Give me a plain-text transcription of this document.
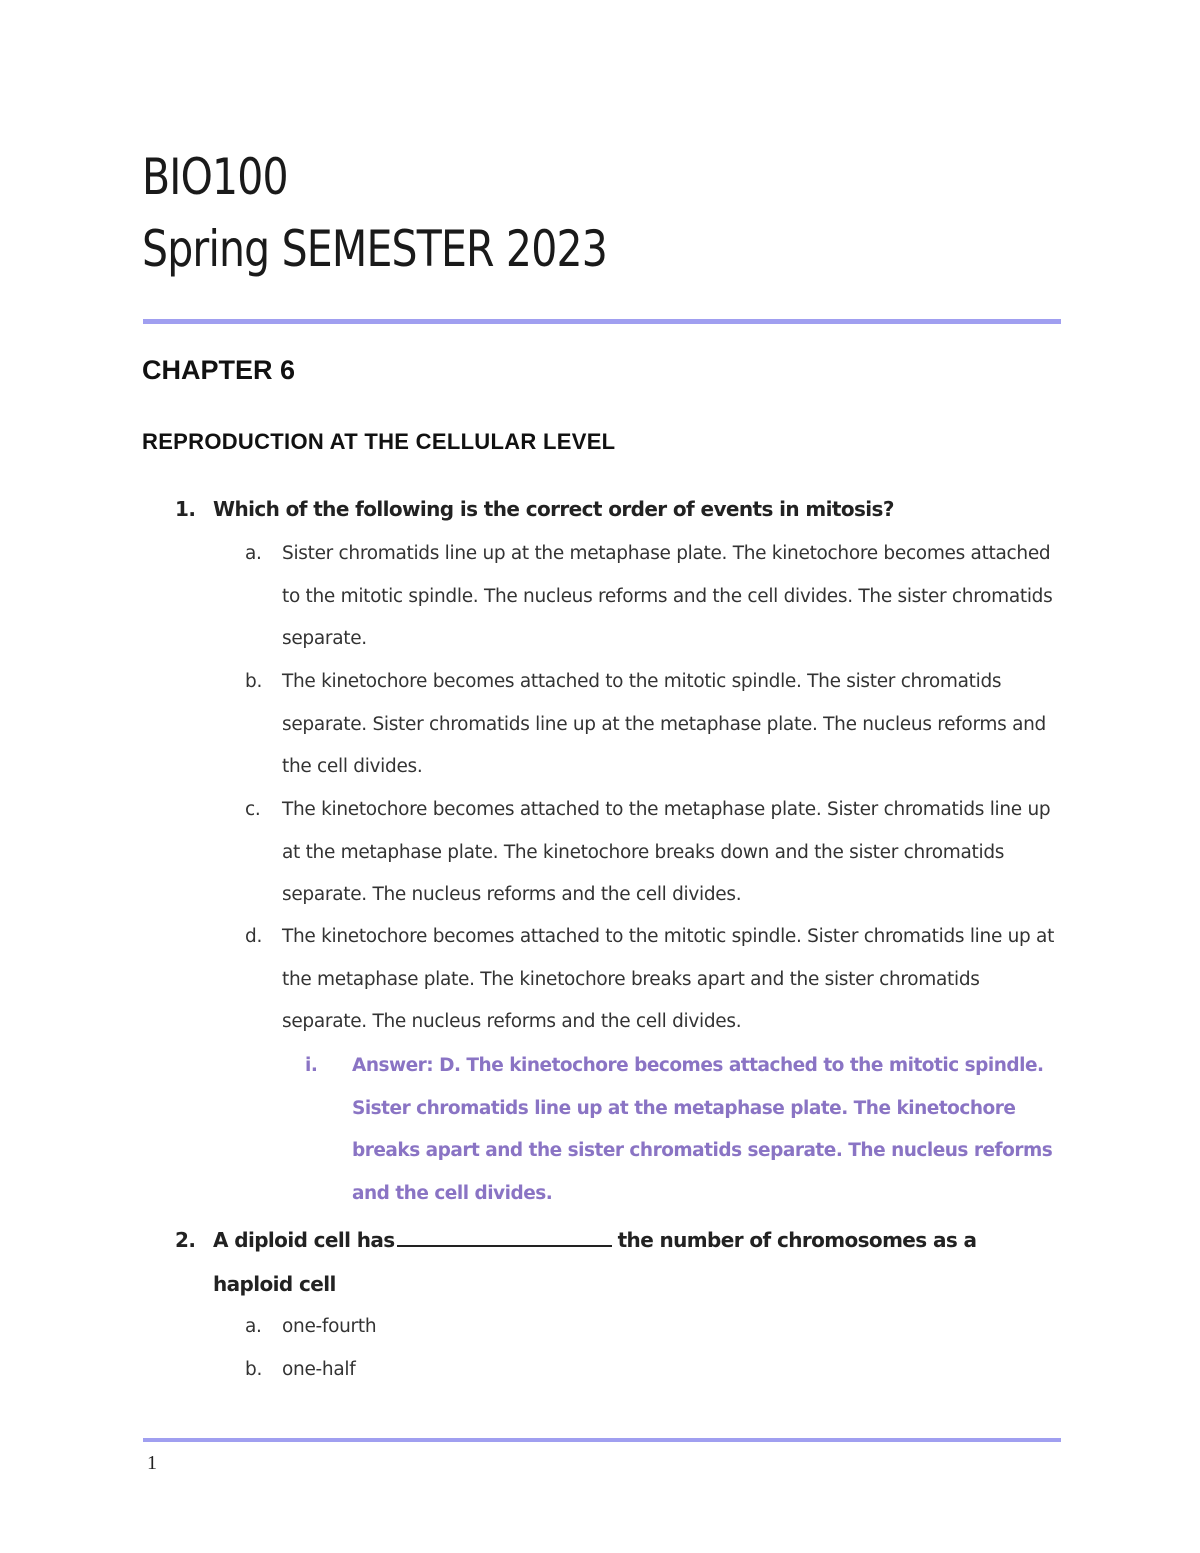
BIO100
Spring SEMESTER 2023
CHAPTER 6
REPRODUCTION AT THE CELLULAR LEVEL
1. Which of the following is the correct order of events in mitosis?
a. Sister chromatids line up at the metaphase plate. The kinetochore becomes attached to the mitotic spindle. The nucleus reforms and the cell divides. The sister chromatids separate.
b. The kinetochore becomes attached to the mitotic spindle. The sister chromatids separate. Sister chromatids line up at the metaphase plate. The nucleus reforms and the cell divides.
c. The kinetochore becomes attached to the metaphase plate. Sister chromatids line up at the metaphase plate. The kinetochore breaks down and the sister chromatids separate. The nucleus reforms and the cell divides.
d. The kinetochore becomes attached to the mitotic spindle. Sister chromatids line up at the metaphase plate. The kinetochore breaks apart and the sister chromatids separate. The nucleus reforms and the cell divides.
i. Answer: D. The kinetochore becomes attached to the mitotic spindle. Sister chromatids line up at the metaphase plate. The kinetochore breaks apart and the sister chromatids separate. The nucleus reforms and the cell divides.
2. A diploid cell has	the number of chromosomes as a
haploid cell
a. one-fourth
b. one-half
1
